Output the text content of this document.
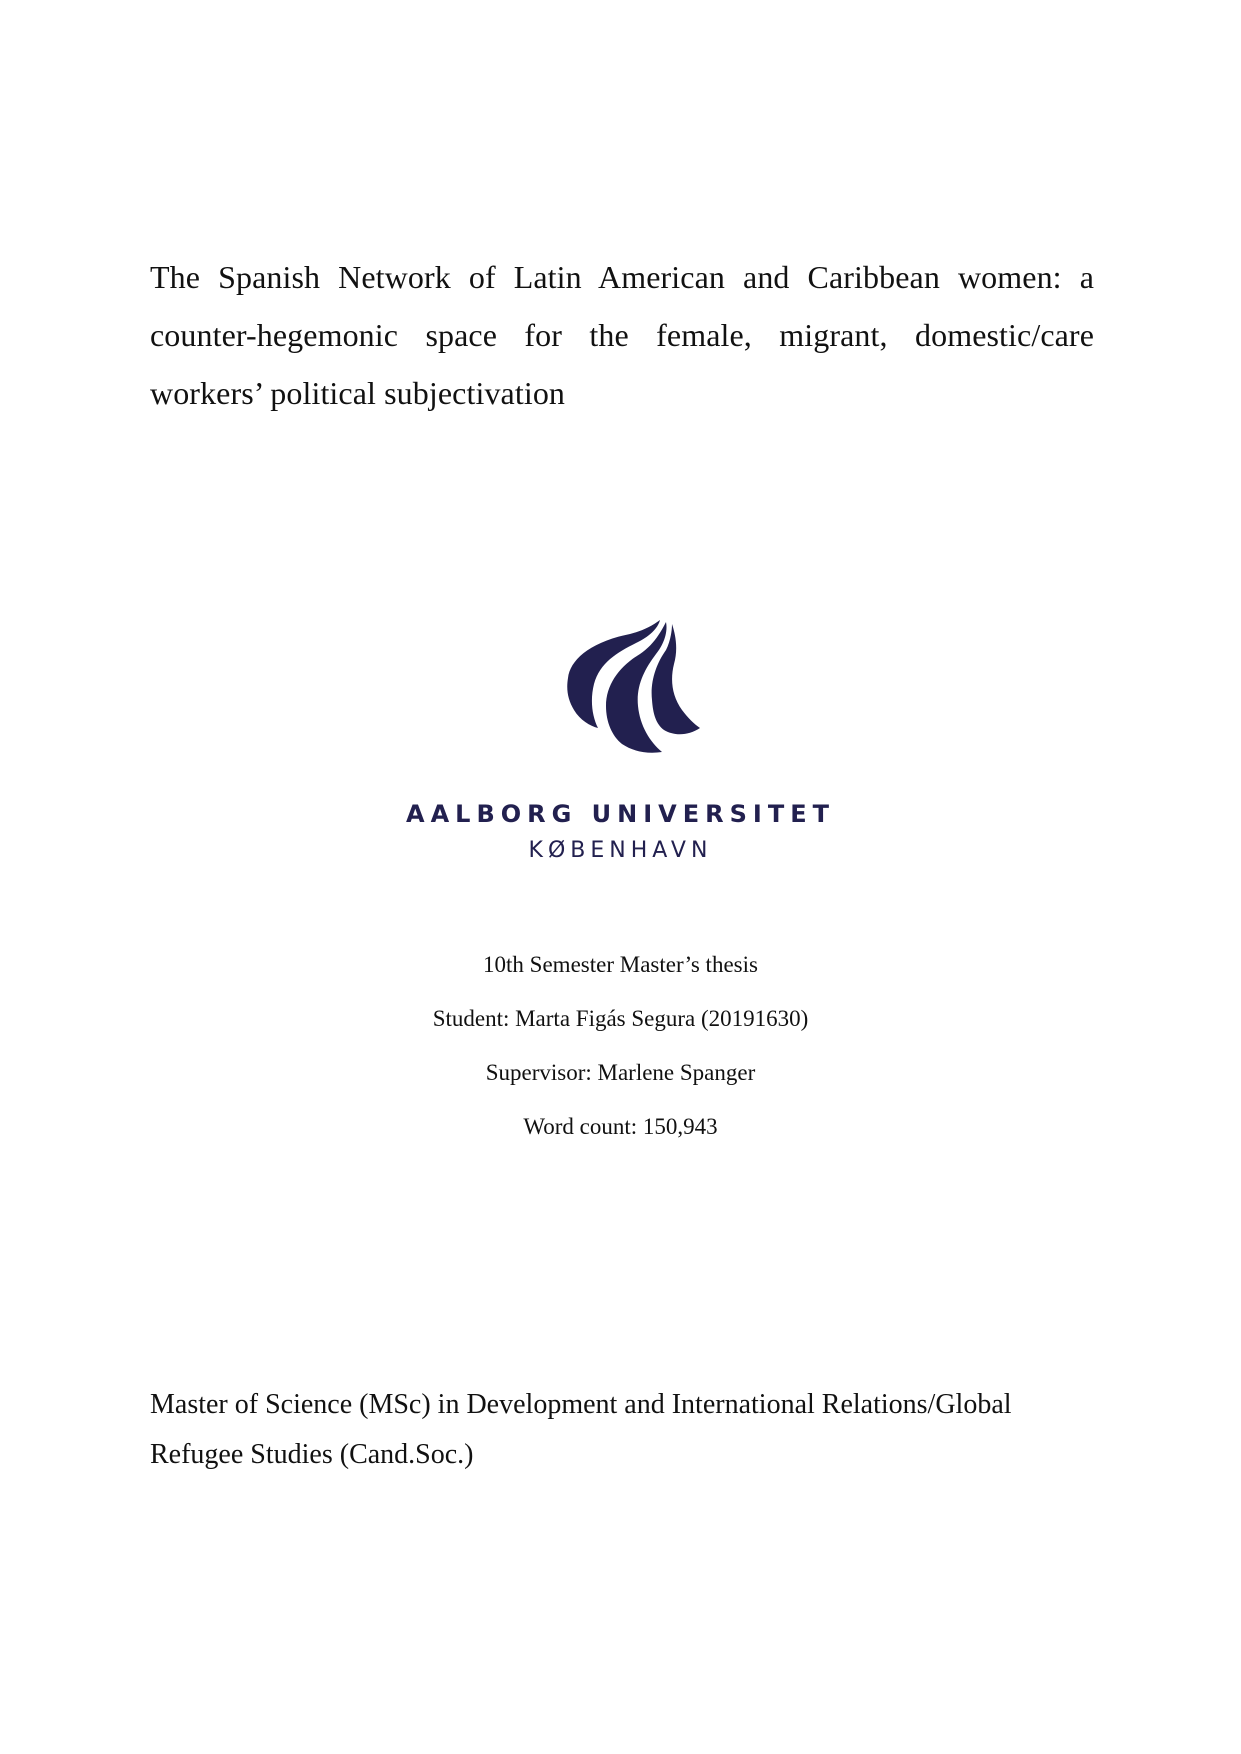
The Spanish Network of Latin American and Caribbean women: a
counter-hegemonic space for the female, migrant, domestic/care
workers’ political subjectivation
AALBORG UNIVERSITET
KØBENHAVN
10th Semester Master’s thesis
Student: Marta Figás Segura (20191630)
Supervisor: Marlene Spanger
Word count: 150,943
Master of Science (MSc) in Development and International Relations/Global
Refugee Studies (Cand.Soc.)
